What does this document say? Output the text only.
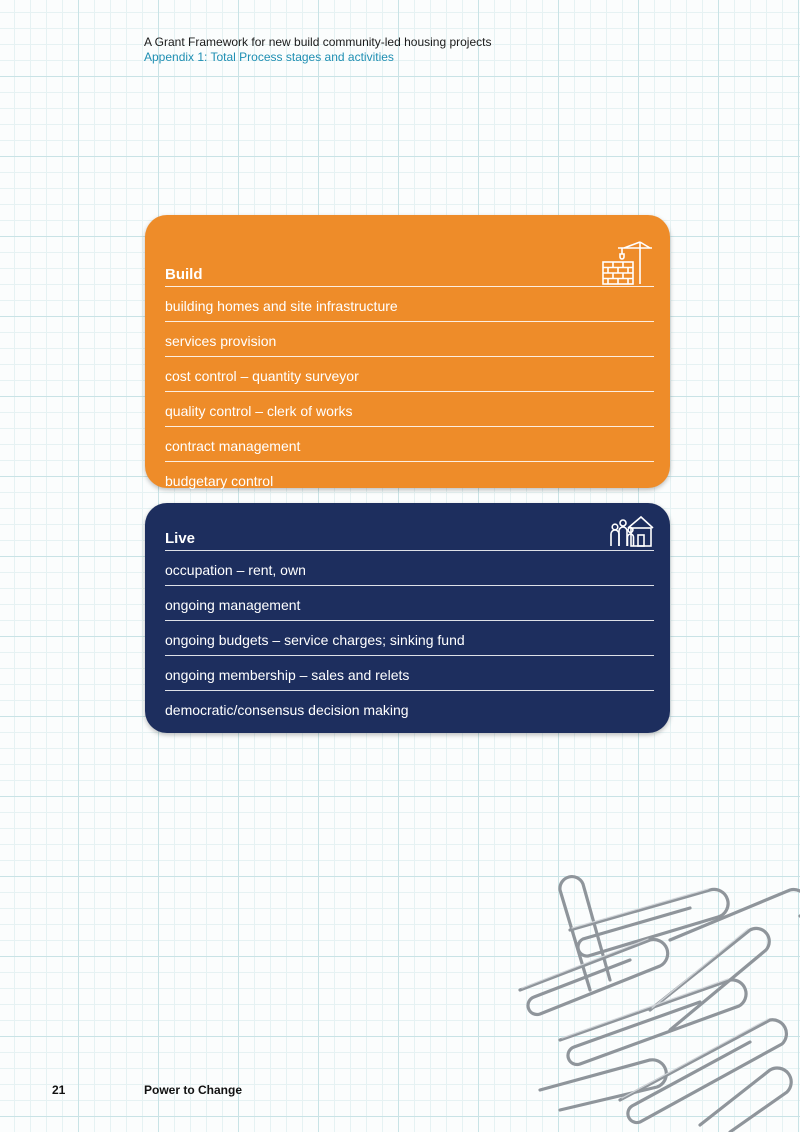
A Grant Framework for new build community-led housing projects
Appendix 1: Total Process stages and activities
Build
building homes and site infrastructure
services provision
cost control – quantity surveyor
quality control – clerk of works
contract management
budgetary control
Live
occupation – rent, own
ongoing management
ongoing budgets – service charges; sinking fund
ongoing membership – sales and relets
democratic/consensus decision making
21	Power to Change
